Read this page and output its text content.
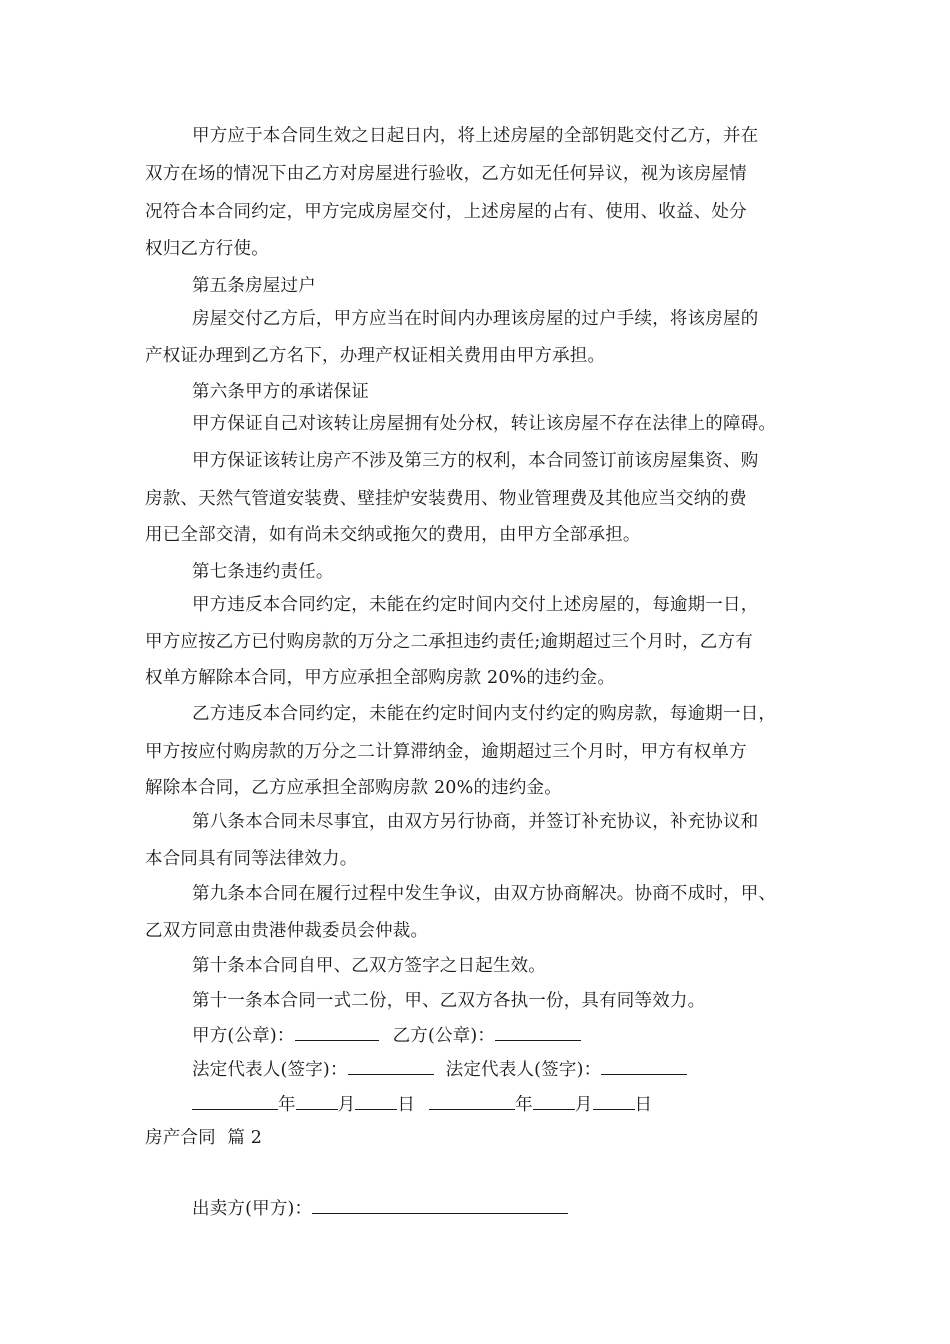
甲方应于本合同生效之日起日内，将上述房屋的全部钥匙交付乙方，并在
双方在场的情况下由乙方对房屋进行验收，乙方如无任何异议，视为该房屋情
况符合本合同约定，甲方完成房屋交付，上述房屋的占有、使用、收益、处分
权归乙方行使。
第五条房屋过户
房屋交付乙方后，甲方应当在时间内办理该房屋的过户手续，将该房屋的
产权证办理到乙方名下，办理产权证相关费用由甲方承担。
第六条甲方的承诺保证
甲方保证自己对该转让房屋拥有处分权，转让该房屋不存在法律上的障碍。
甲方保证该转让房产不涉及第三方的权利，本合同签订前该房屋集资、购
房款、天然气管道安装费、壁挂炉安装费用、物业管理费及其他应当交纳的费
用已全部交清，如有尚未交纳或拖欠的费用，由甲方全部承担。
第七条违约责任。
甲方违反本合同约定，未能在约定时间内交付上述房屋的，每逾期一日，
甲方应按乙方已付购房款的万分之二承担违约责任;逾期超过三个月时，乙方有
权单方解除本合同，甲方应承担全部购房款 20%的违约金。
乙方违反本合同约定，未能在约定时间内支付约定的购房款，每逾期一日，
甲方按应付购房款的万分之二计算滞纳金，逾期超过三个月时，甲方有权单方
解除本合同，乙方应承担全部购房款 20%的违约金。
第八条本合同未尽事宜，由双方另行协商，并签订补充协议，补充协议和
本合同具有同等法律效力。
第九条本合同在履行过程中发生争议，由双方协商解决。协商不成时，甲、
乙双方同意由贵港仲裁委员会仲裁。
第十条本合同自甲、乙双方签字之日起生效。
第十一条本合同一式二份，甲、乙双方各执一份，具有同等效力。
甲方(公章)：	乙方(公章)：
法定代表人(签字)：	法定代表人(签字)：
年 月 日	年 月 日
房产合同  篇 2
出卖方(甲方)：
